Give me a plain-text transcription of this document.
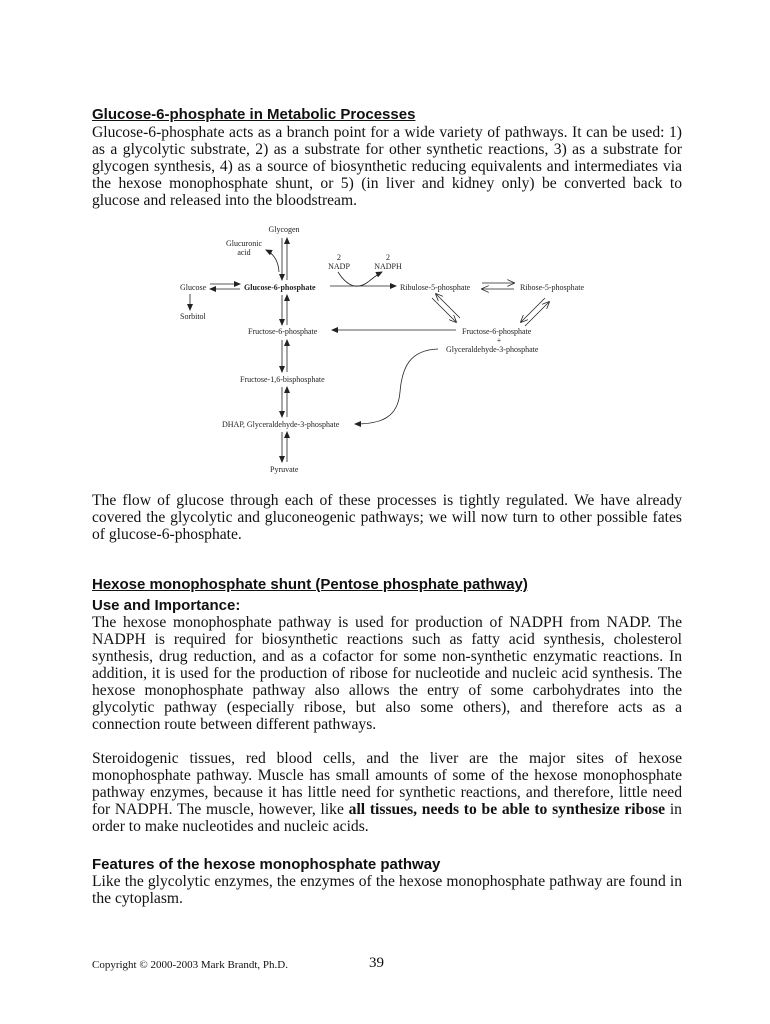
Glucose-6-phosphate in Metabolic Processes

Glucose-6-phosphate acts as a branch point for a wide variety of pathways. It can be used: 1) as a glycolytic substrate, 2) as a substrate for other synthetic reactions, 3) as a substrate for glycogen synthesis, 4) as a source of biosynthetic reducing equivalents and intermediates via the hexose monophosphate shunt, or 5) (in liver and kidney only) be converted back to glucose and released into the bloodstream.

Glycogen
Glucuronic
acid
2
NADP
2
NADPH
Glucose	Glucose-6-phosphate	Ribulose-5-phosphate	Ribose-5-phosphate
Sorbitol
Fructose-6-phosphate	Fructose-6-phosphate
+
Glyceraldehyde-3-phosphate
Fructose-1,6-bisphosphate
DHAP, Glyceraldehyde-3-phosphate
Pyruvate

The flow of glucose through each of these processes is tightly regulated. We have already covered the glycolytic and gluconeogenic pathways; we will now turn to other possible fates of glucose-6-phosphate.

Hexose monophosphate shunt (Pentose phosphate pathway)
Use and Importance:

The hexose monophosphate pathway is used for production of NADPH from NADP. The NADPH is required for biosynthetic reactions such as fatty acid synthesis, cholesterol synthesis, drug reduction, and as a cofactor for some non-synthetic enzymatic reactions. In addition, it is used for the production of ribose for nucleotide and nucleic acid synthesis. The hexose monophosphate pathway also allows the entry of some carbohydrates into the glycolytic pathway (especially ribose, but also some others), and therefore acts as a connection route between different pathways.

Steroidogenic tissues, red blood cells, and the liver are the major sites of hexose monophosphate pathway. Muscle has small amounts of some of the hexose monophosphate pathway enzymes, because it has little need for synthetic reactions, and therefore, little need for NADPH. The muscle, however, like all tissues, needs to be able to synthesize ribose in order to make nucleotides and nucleic acids.

Features of the hexose monophosphate pathway

Like the glycolytic enzymes, the enzymes of the hexose monophosphate pathway are found in the cytoplasm.

Copyright © 2000-2003 Mark Brandt, Ph.D.	39
